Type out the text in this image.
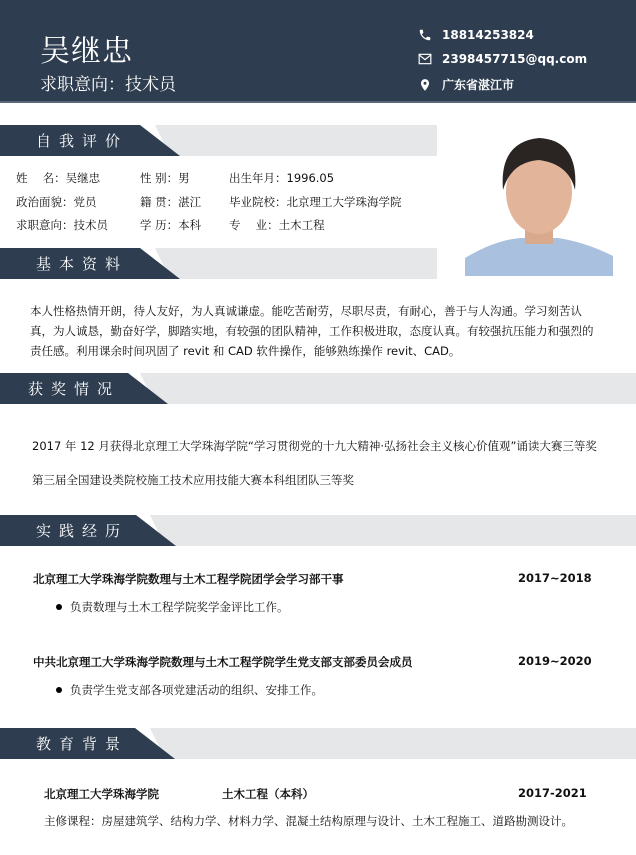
吴继忠
求职意向：技术员
18814253824
2398457715@qq.com
广东省湛江市
自我评价
姓　 名：吴继忠	性 别：男	出生年月：1996.05
政治面貌：党员	籍 贯：湛江 毕业院校：北京理工大学珠海学院
求职意向：技术员	学 历：本科 专　 业：土木工程
基本资料
本人性格热情开朗，待人友好，为人真诚谦虚。能吃苦耐劳，尽职尽责，有耐心，善于与人沟通。学习刻苦认真，为人诚恳，勤奋好学，脚踏实地，有较强的团队精神，工作积极进取，态度认真。有较强抗压能力和强烈的责任感。利用课余时间巩固了 revit 和 CAD 软件操作，能够熟练操作 revit、CAD。
获奖情况
2017 年 12 月获得北京理工大学珠海学院“学习贯彻党的十九大精神·弘扬社会主义核心价值观”诵读大赛三等奖
第三届全国建设类院校施工技术应用技能大赛本科组团队三等奖
实践经历
北京理工大学珠海学院数理与土木工程学院团学会学习部干事	2017~2018
负责数理与土木工程学院奖学金评比工作。
中共北京理工大学珠海学院数理与土木工程学院学生党支部支部委员会成员	2019~2020
负责学生党支部各项党建活动的组织、安排工作。
教育背景
北京理工大学珠海学院	土木工程（本科）	2017-2021
主修课程：房屋建筑学、结构力学、材料力学、混凝土结构原理与设计、土木工程施工、道路勘测设计。
